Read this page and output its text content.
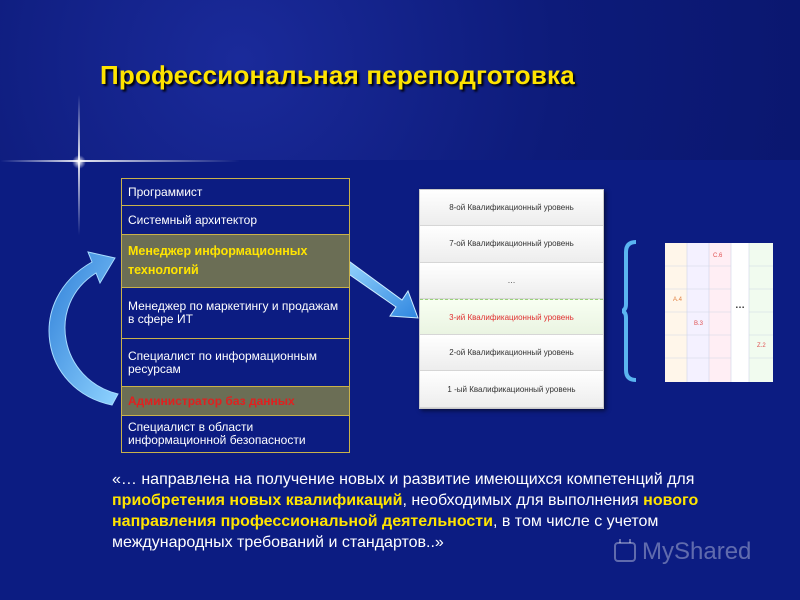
Профессиональная переподготовка
Программист
Системный архитектор
Менеджер информационных технологий
Менеджер по маркетингу и продажам в сфере ИТ
Специалист по информационным ресурсам
Администратор баз данных
Специалист в области информационной безопасности
8-ой Квалификационный уровень
7-ой Квалификационный уровень
…
3-ий Квалификационный уровень
2-ой Квалификационный уровень
1 -ый Квалификационный уровень
C.6
A.4
B.3
Z.2
…
«… направлена на получение новых и развитие имеющихся компетенций для приобретения новых квалификаций, необходимых для выполнения нового направления профессиональной деятельности, в том числе с учетом международных требований и стандартов..»	MyShared
